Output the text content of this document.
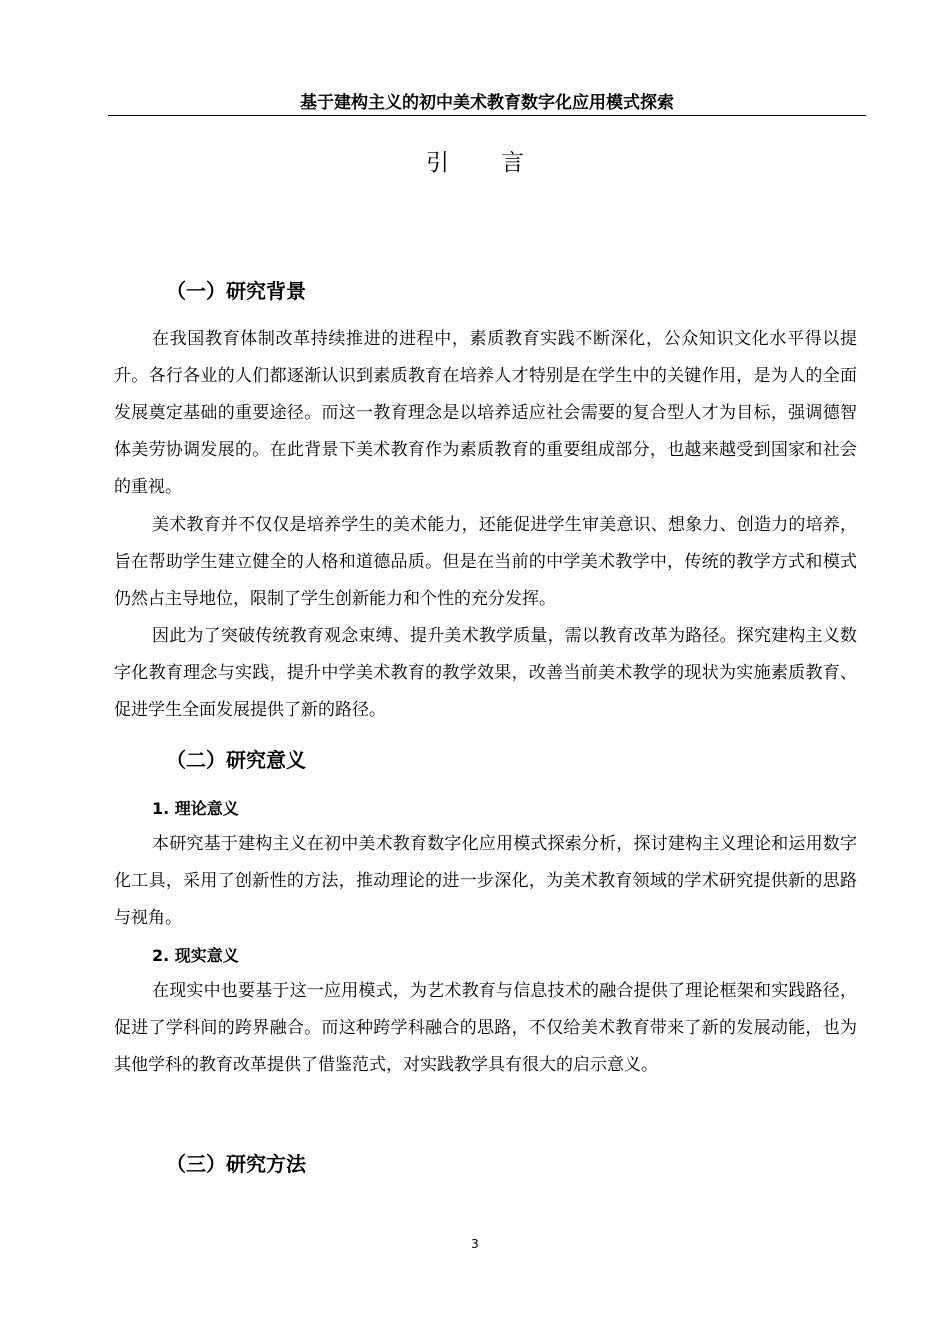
基于建构主义的初中美术教育数字化应用模式探索
引言
（一）研究背景
在我国教育体制改革持续推进的进程中，素质教育实践不断深化，公众知识文化水平得以提升。各行各业的人们都逐渐认识到素质教育在培养人才特别是在学生中的关键作用，是为人的全面发展奠定基础的重要途径。而这一教育理念是以培养适应社会需要的复合型人才为目标，强调德智体美劳协调发展的。在此背景下美术教育作为素质教育的重要组成部分，也越来越受到国家和社会的重视。
美术教育并不仅仅是培养学生的美术能力，还能促进学生审美意识、想象力、创造力的培养，旨在帮助学生建立健全的人格和道德品质。但是在当前的中学美术教学中，传统的教学方式和模式仍然占主导地位，限制了学生创新能力和个性的充分发挥。
因此为了突破传统教育观念束缚、提升美术教学质量，需以教育改革为路径。探究建构主义数字化教育理念与实践，提升中学美术教育的教学效果，改善当前美术教学的现状为实施素质教育、促进学生全面发展提供了新的路径。
（二）研究意义
1. 理论意义
本研究基于建构主义在初中美术教育数字化应用模式探索分析，探讨建构主义理论和运用数字化工具，采用了创新性的方法，推动理论的进一步深化，为美术教育领域的学术研究提供新的思路与视角。
2. 现实意义
在现实中也要基于这一应用模式，为艺术教育与信息技术的融合提供了理论框架和实践路径，促进了学科间的跨界融合。而这种跨学科融合的思路，不仅给美术教育带来了新的发展动能，也为其他学科的教育改革提供了借鉴范式，对实践教学具有很大的启示意义。
（三）研究方法
3
